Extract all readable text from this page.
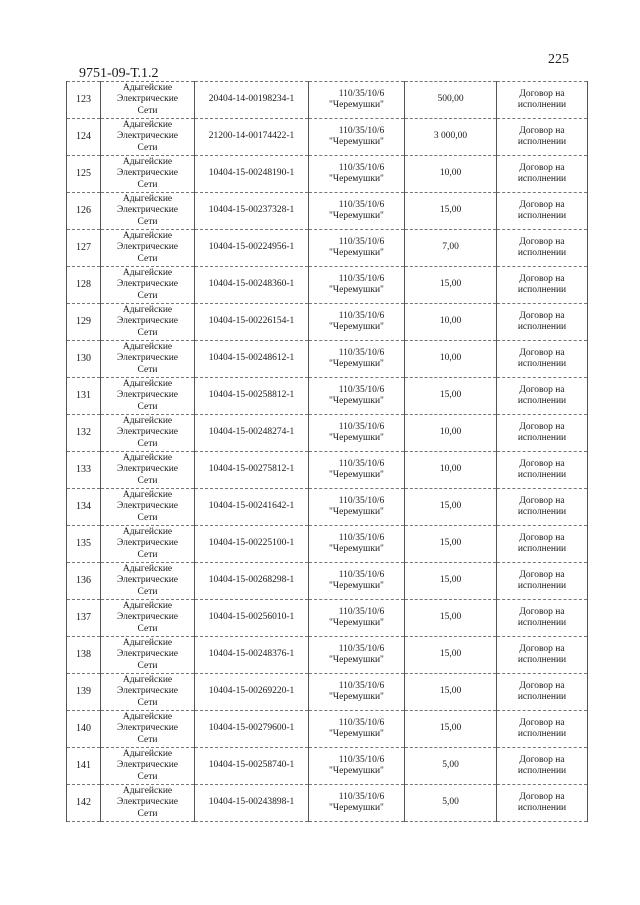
225
9751-09-Т.1.2
123	Адыгейские
Электрические
Сети	20404-14-00198234-1	110/35/10/6
"Черемушки"	500,00	Договор на
исполнении
124	Адыгейские
Электрические
Сети	21200-14-00174422-1	110/35/10/6
"Черемушки"	3 000,00	Договор на
исполнении
125	Адыгейские
Электрические
Сети	10404-15-00248190-1	110/35/10/6
"Черемушки"	10,00	Договор на
исполнении
126	Адыгейские
Электрические
Сети	10404-15-00237328-1	110/35/10/6
"Черемушки"	15,00	Договор на
исполнении
127	Адыгейские
Электрические
Сети	10404-15-00224956-1	110/35/10/6
"Черемушки"	7,00	Договор на
исполнении
128	Адыгейские
Электрические
Сети	10404-15-00248360-1	110/35/10/6
"Черемушки"	15,00	Договор на
исполнении
129	Адыгейские
Электрические
Сети	10404-15-00226154-1	110/35/10/6
"Черемушки"	10,00	Договор на
исполнении
130	Адыгейские
Электрические
Сети	10404-15-00248612-1	110/35/10/6
"Черемушки"	10,00	Договор на
исполнении
131	Адыгейские
Электрические
Сети	10404-15-00258812-1	110/35/10/6
"Черемушки"	15,00	Договор на
исполнении
132	Адыгейские
Электрические
Сети	10404-15-00248274-1	110/35/10/6
"Черемушки"	10,00	Договор на
исполнении
133	Адыгейские
Электрические
Сети	10404-15-00275812-1	110/35/10/6
"Черемушки"	10,00	Договор на
исполнении
134	Адыгейские
Электрические
Сети	10404-15-00241642-1	110/35/10/6
"Черемушки"	15,00	Договор на
исполнении
135	Адыгейские
Электрические
Сети	10404-15-00225100-1	110/35/10/6
"Черемушки"	15,00	Договор на
исполнении
136	Адыгейские
Электрические
Сети	10404-15-00268298-1	110/35/10/6
"Черемушки"	15,00	Договор на
исполнении
137	Адыгейские
Электрические
Сети	10404-15-00256010-1	110/35/10/6
"Черемушки"	15,00	Договор на
исполнении
138	Адыгейские
Электрические
Сети	10404-15-00248376-1	110/35/10/6
"Черемушки"	15,00	Договор на
исполнении
139	Адыгейские
Электрические
Сети	10404-15-00269220-1	110/35/10/6
"Черемушки"	15,00	Договор на
исполнении
140	Адыгейские
Электрические
Сети	10404-15-00279600-1	110/35/10/6
"Черемушки"	15,00	Договор на
исполнении
141	Адыгейские
Электрические
Сети	10404-15-00258740-1	110/35/10/6
"Черемушки"	5,00	Договор на
исполнении
142	Адыгейские
Электрические
Сети	10404-15-00243898-1	110/35/10/6
"Черемушки"	5,00	Договор на
исполнении
